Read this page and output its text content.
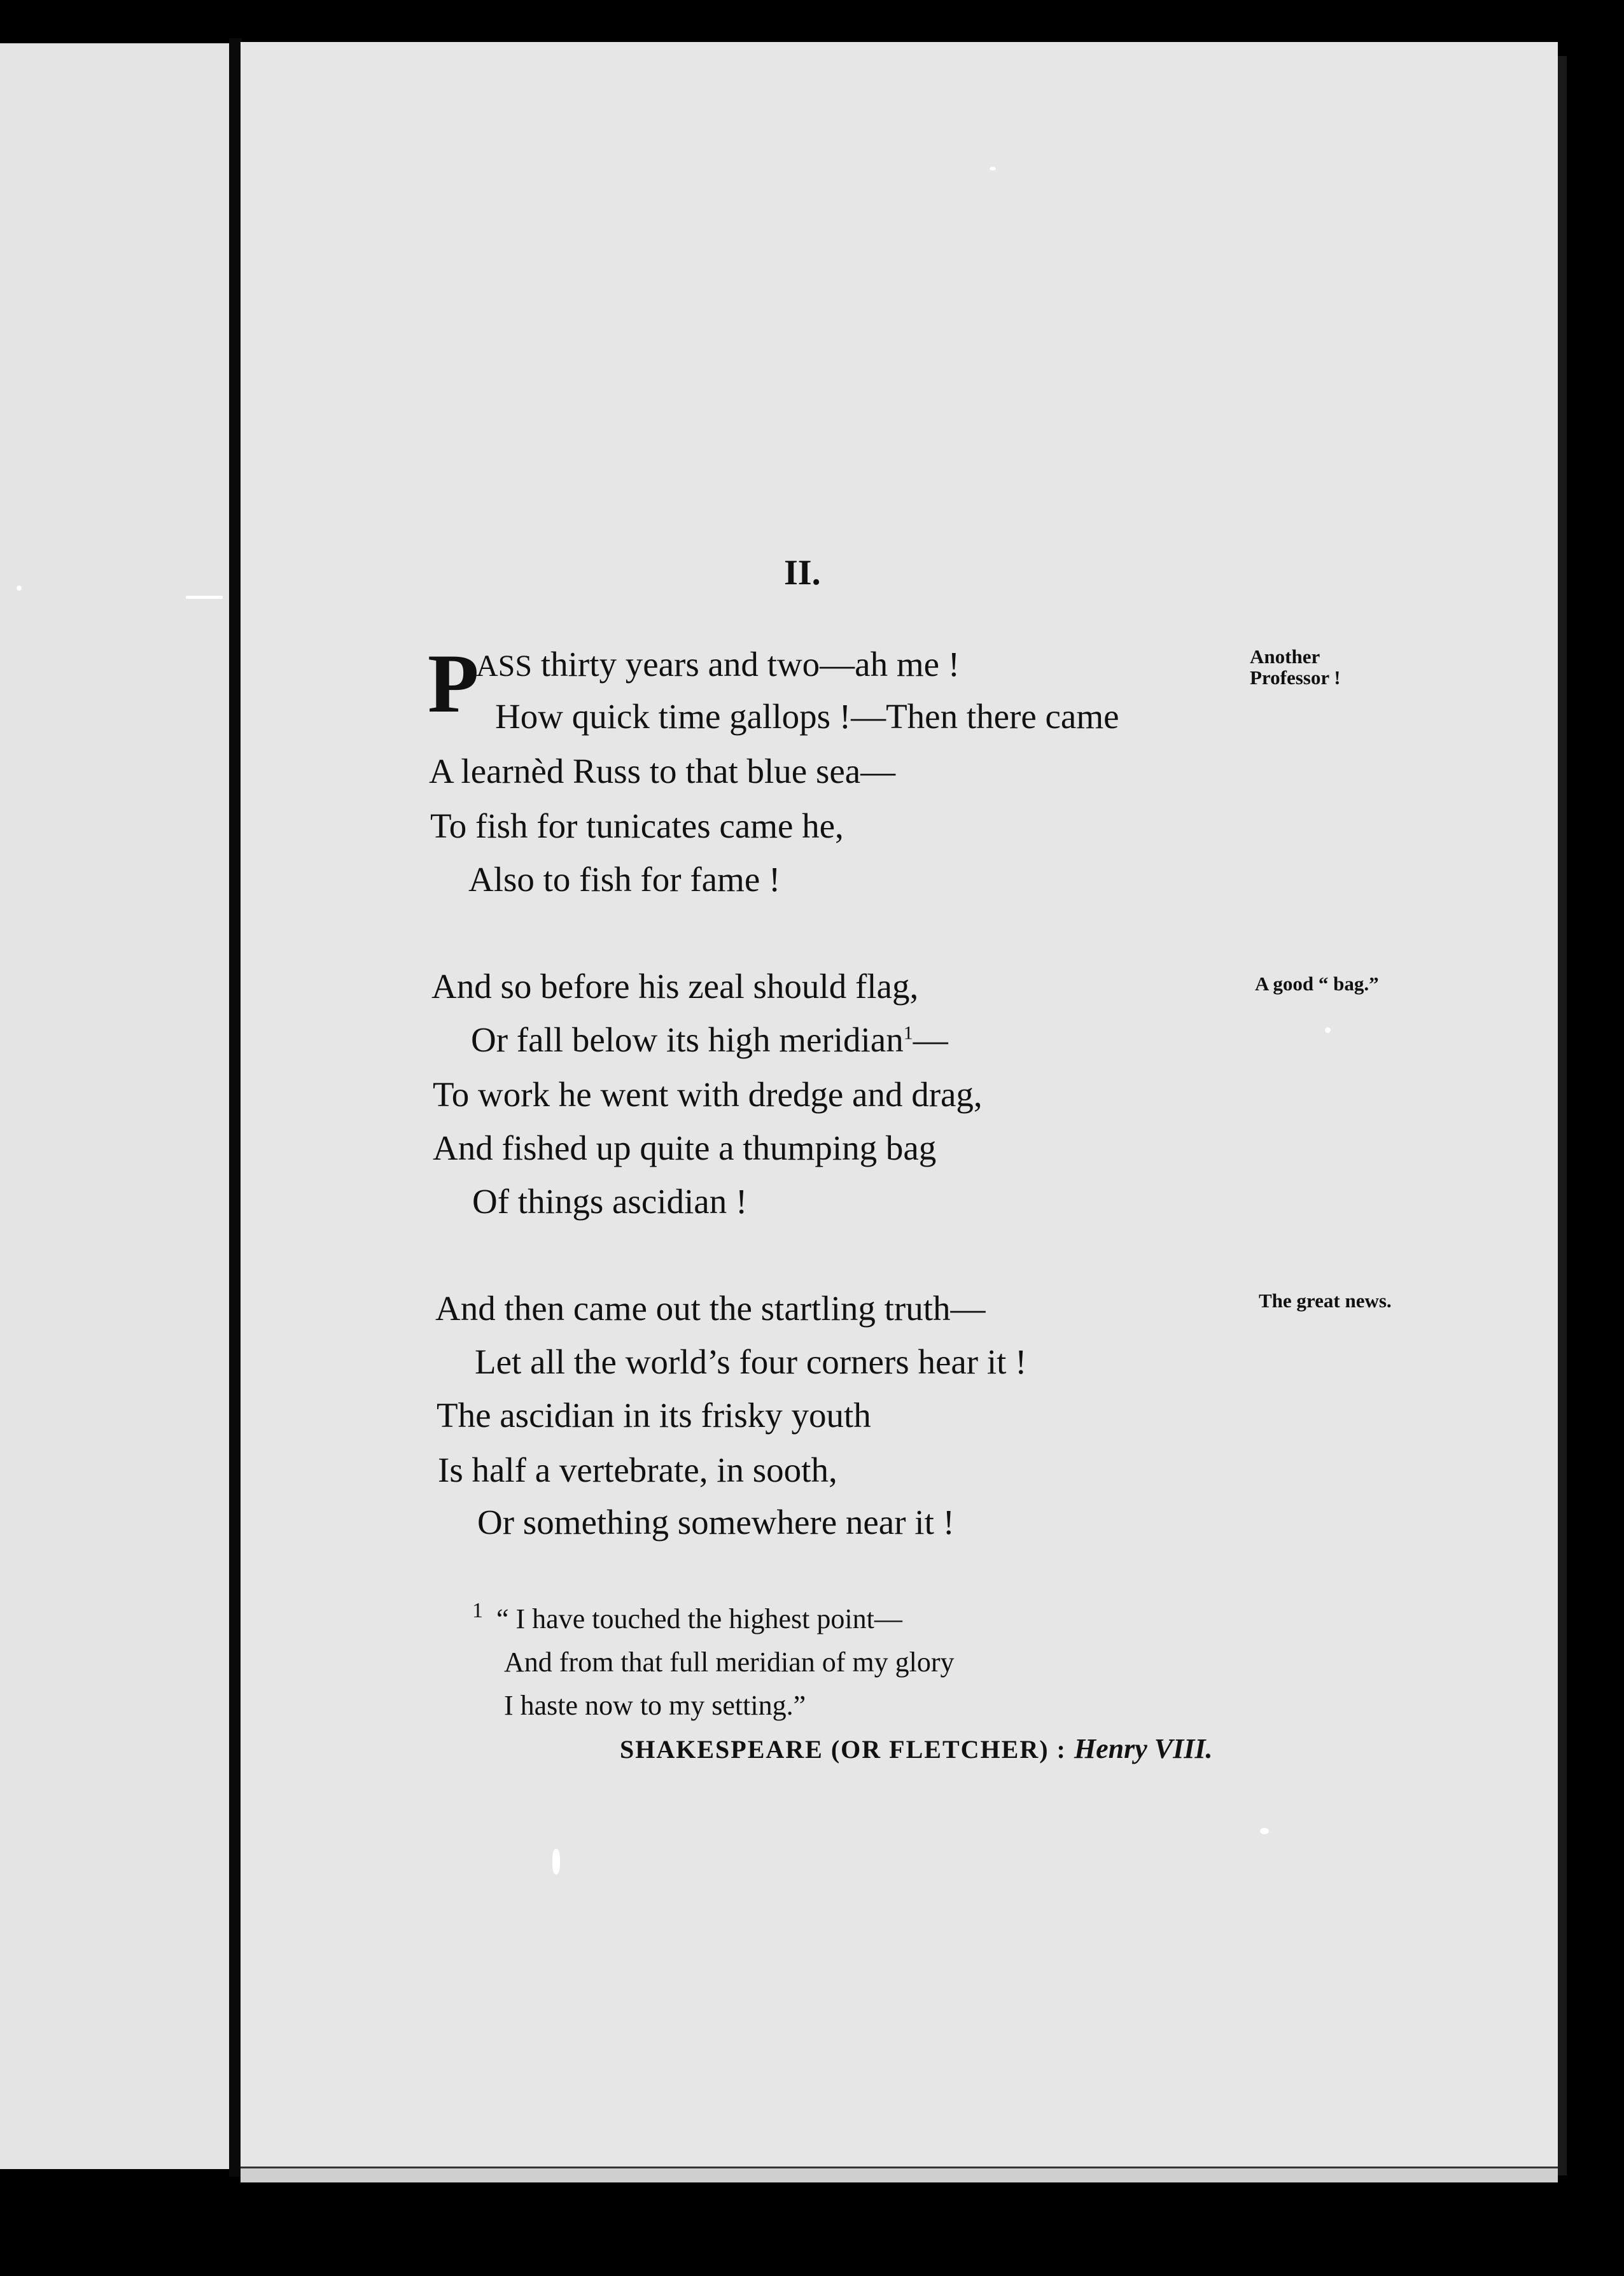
II.
P
ASS thirty years and two—ah me !
How quick time gallops !—Then there came
A learnèd Russ to that blue sea—
To fish for tunicates came he,
Also to fish for fame !
Another
Professor !
And so before his zeal should flag,
Or fall below its high meridian$^1$—
To work he went with dredge and drag,
And fished up quite a thumping bag
Of things ascidian !
A good “ bag.”
And then came out the startling truth—
Let all the world’s four corners hear it !
The ascidian in its frisky youth
Is half a vertebrate, in sooth,
Or something somewhere near it !
The great news.
1 “ I have touched the highest point—
And from that full meridian of my glory
I haste now to my setting.”
SHAKESPEARE (OR FLETCHER) : Henry VIII.
